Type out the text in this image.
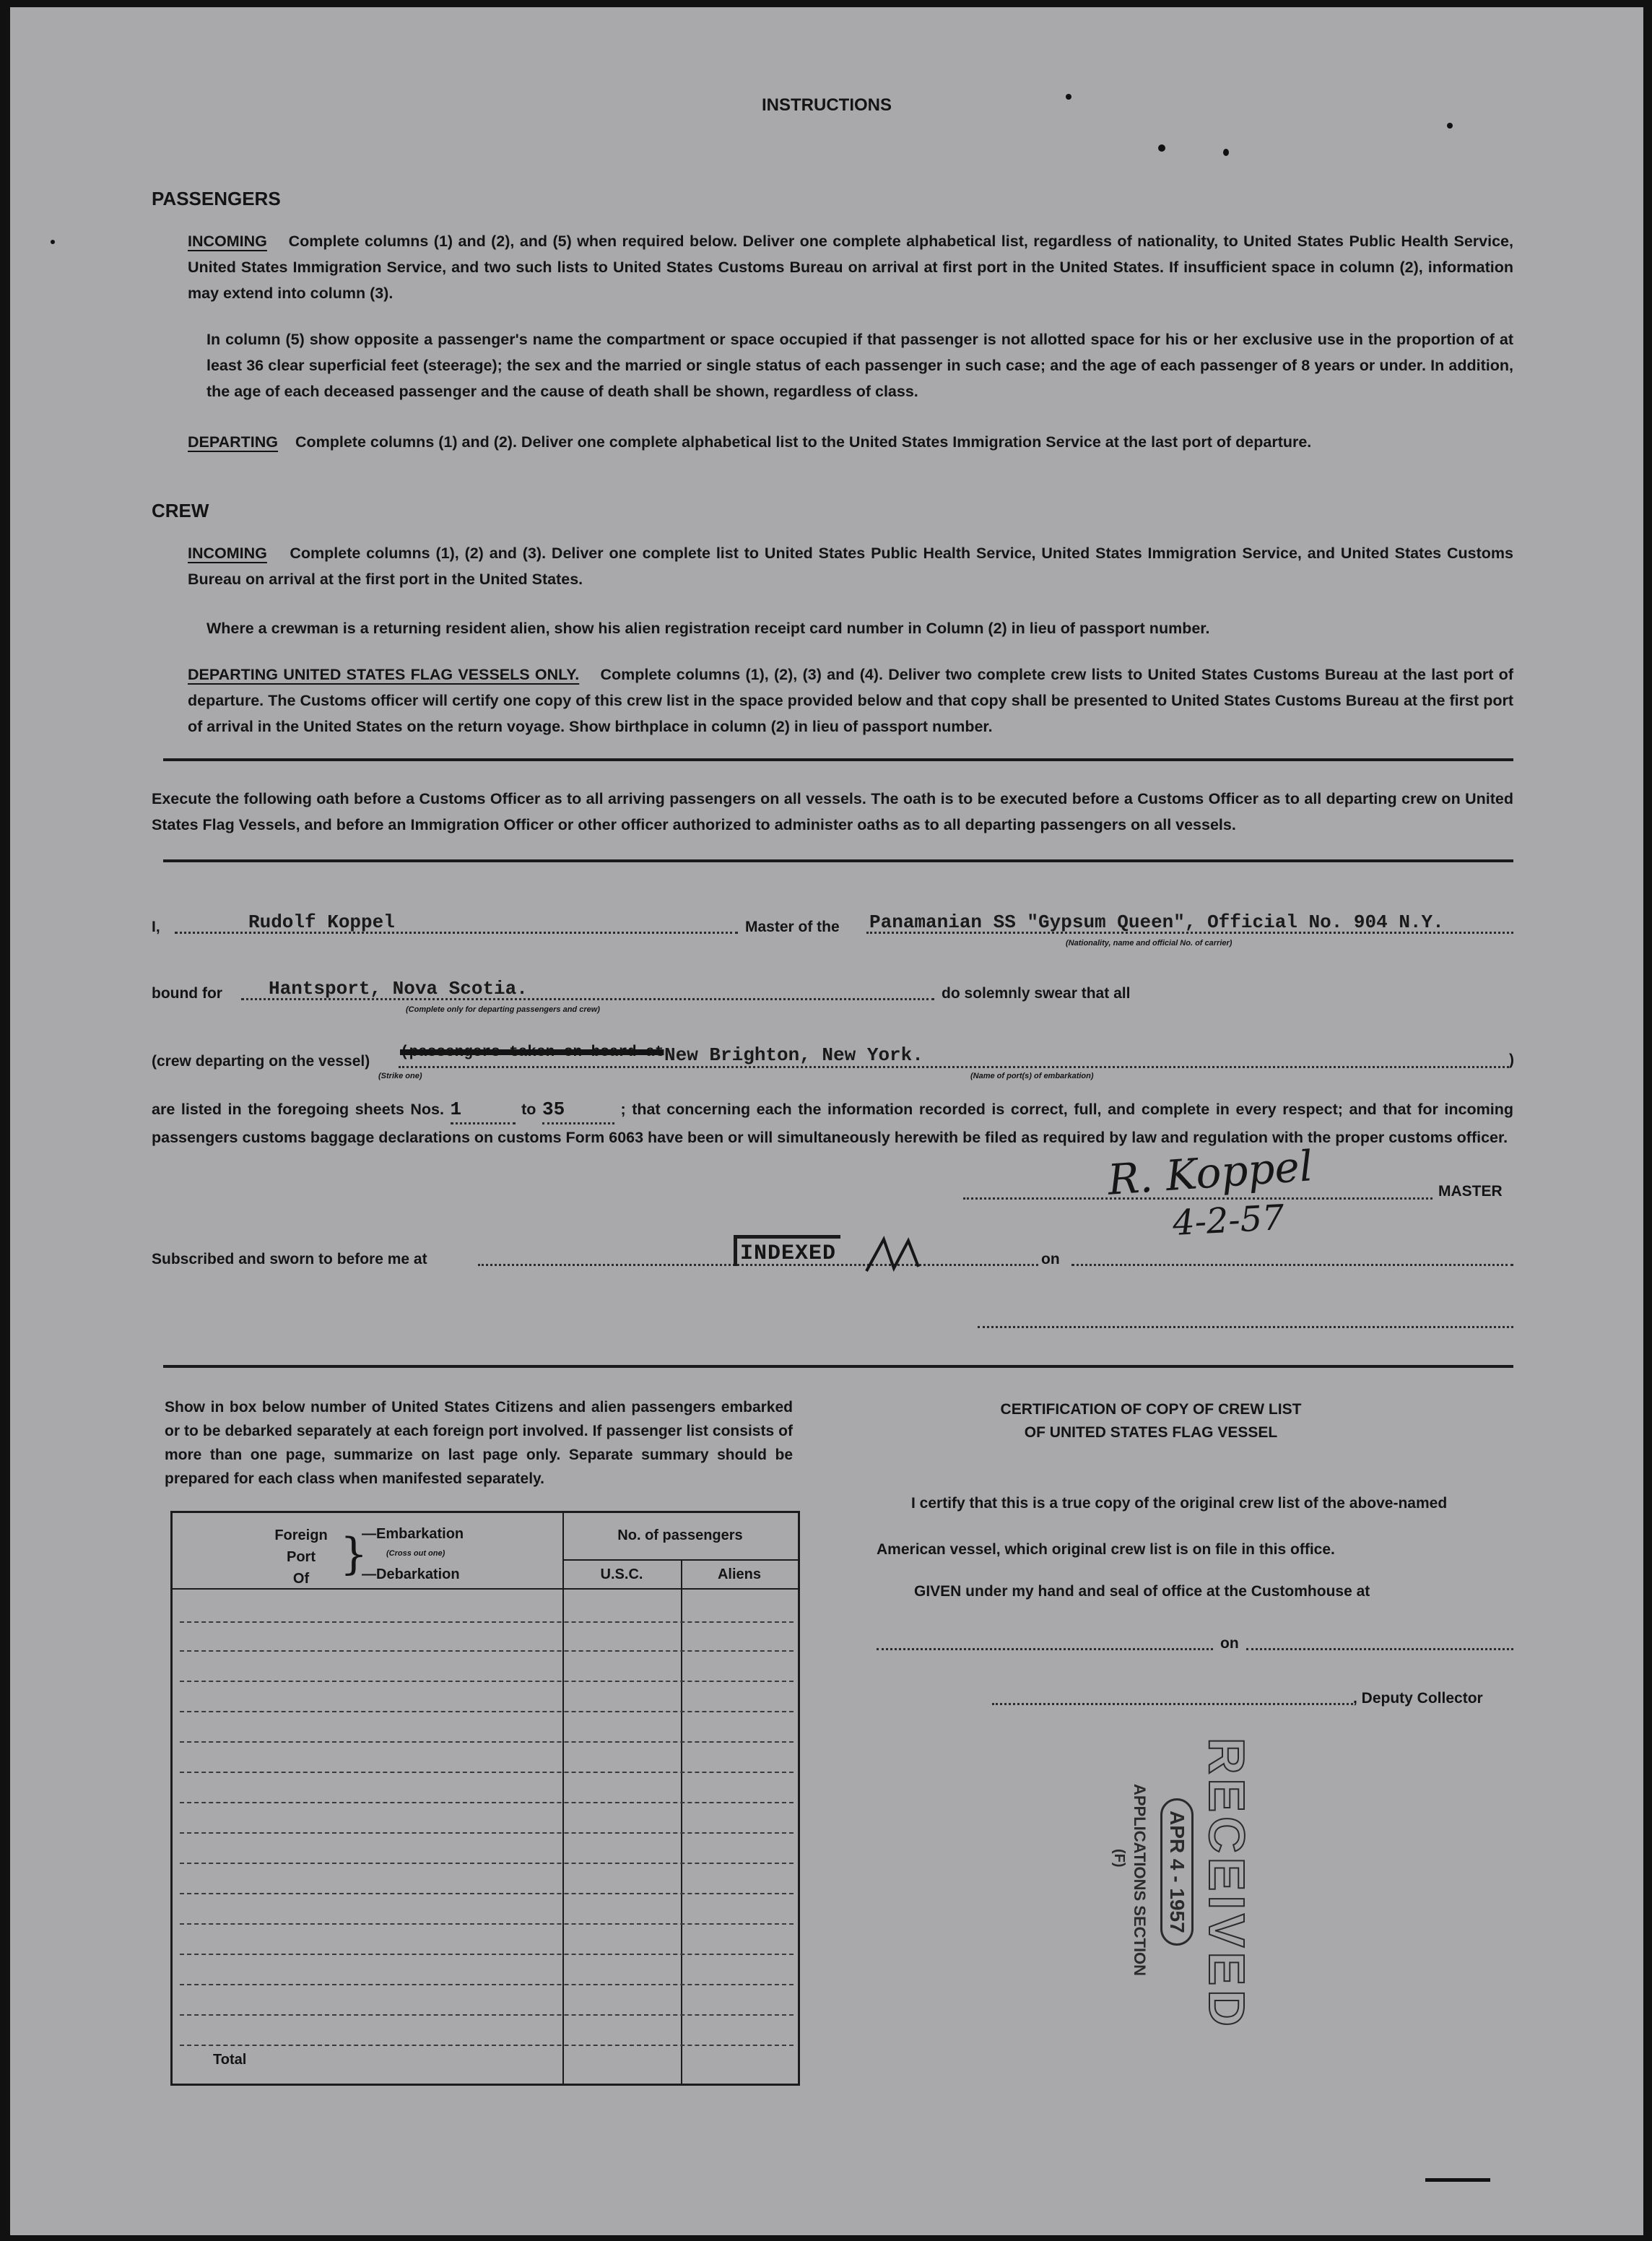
INSTRUCTIONS
PASSENGERS
INCOMING Complete columns (1) and (2), and (5) when required below. Deliver one complete alphabetical list, regardless of nationality, to United States Public Health Service, United States Immigration Service, and two such lists to United States Customs Bureau on arrival at first port in the United States. If insufficient space in column (2), information may extend into column (3).
In column (5) show opposite a passenger's name the compartment or space occupied if that passenger is not allotted space for his or her exclusive use in the proportion of at least 36 clear superficial feet (steerage); the sex and the married or single status of each passenger in such case; and the age of each passenger of 8 years or under. In addition, the age of each deceased passenger and the cause of death shall be shown, regardless of class.
DEPARTING Complete columns (1) and (2). Deliver one complete alphabetical list to the United States Immigration Service at the last port of departure.
CREW
INCOMING Complete columns (1), (2) and (3). Deliver one complete list to United States Public Health Service, United States Immigration Service, and United States Customs Bureau on arrival at the first port in the United States.
Where a crewman is a returning resident alien, show his alien registration receipt card number in Column (2) in lieu of passport number.
DEPARTING UNITED STATES FLAG VESSELS ONLY. Complete columns (1), (2), (3) and (4). Deliver two complete crew lists to United States Customs Bureau at the last port of departure. The Customs officer will certify one copy of this crew list in the space provided below and that copy shall be presented to United States Customs Bureau at the first port of arrival in the United States on the return voyage. Show birthplace in column (2) in lieu of passport number.
Execute the following oath before a Customs Officer as to all arriving passengers on all vessels. The oath is to be executed before a Customs Officer as to all departing crew on United States Flag Vessels, and before an Immigration Officer or other officer authorized to administer oaths as to all departing passengers on all vessels.
I,	Rudolf Koppel	Master of the Panamanian SS "Gypsum Queen", Official No. 904 N.Y.
(Nationality, name and official No. of carrier)
bound for Hantsport, Nova Scotia.
(Complete only for departing passengers and crew)
do solemnly swear that all
(crew departing on the vessel)
(passengers taken on board at
(Strike one)
New Brighton, New York.
(Name of port(s) of embarkation)
)
are listed in the foregoing sheets Nos. 1	to 35	; that concerning each the information recorded is correct, full, and complete in every respect; and that for incoming passengers customs baggage declarations on customs Form 6063 have been or will simultaneously herewith be filed as required by law and regulation with the proper customs officer.
R. Koppel	MASTER
4-2-57
Subscribed and sworn to before me at	INDEXED	on
Show in box below number of United States Citizens and alien passengers embarked or to be debarked separately at each foreign port involved. If passenger list consists of more than one page, summarize on last page only. Separate summary should be prepared for each class when manifested separately.
Foreign
Port
Of }
—Embarkation
(Cross out one)
—Debarkation
No. of passengers
U.S.C.	Aliens
Total
CERTIFICATION OF COPY OF CREW LIST
OF UNITED STATES FLAG VESSEL
I certify that this is a true copy of the original crew list of the above-named
American vessel, which original crew list is on file in this office.
GIVEN under my hand and seal of office at the Customhouse at
on
, Deputy Collector
RECEIVED
APR 4 - 1957
APPLICATIONS SECTION
(F)
